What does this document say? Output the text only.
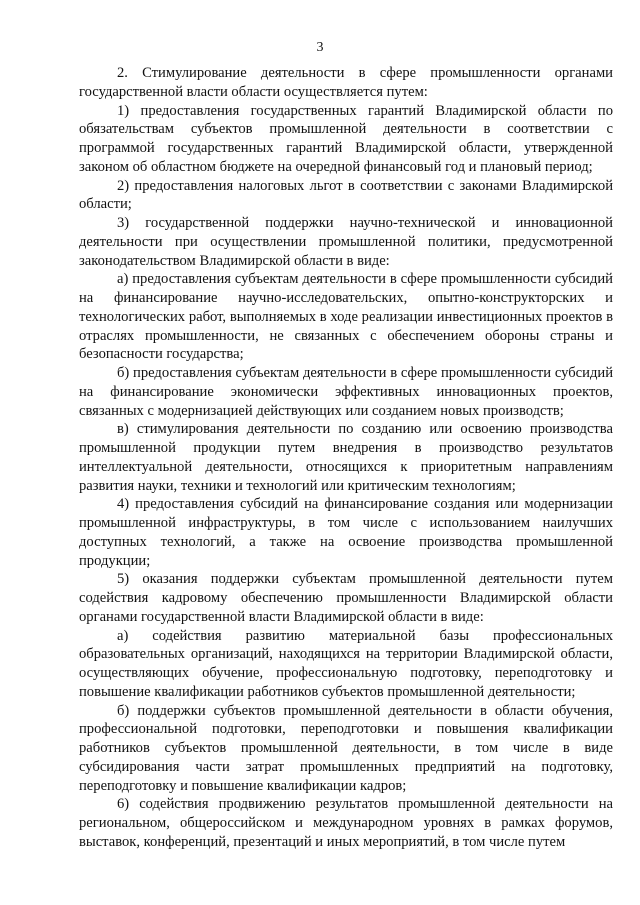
3

2. Стимулирование деятельности в сфере промышленности органами государственной власти области осуществляется путем:

1) предоставления государственных гарантий Владимирской области по обязательствам субъектов промышленной деятельности в соответствии с программой государственных гарантий Владимирской области, утвержденной законом об областном бюджете на очередной финансовый год и плановый период;

2) предоставления налоговых льгот в соответствии с законами Владимирской области;

3) государственной поддержки научно-технической и инновационной деятельности при осуществлении промышленной политики, предусмотренной законодательством Владимирской области в виде:

а) предоставления субъектам деятельности в сфере промышленности субсидий на финансирование научно-исследовательских, опытно-конструкторских и технологических работ, выполняемых в ходе реализации инвестиционных проектов в отраслях промышленности, не связанных с обеспечением обороны страны и безопасности государства;

б) предоставления субъектам деятельности в сфере промышленности субсидий на финансирование экономически эффективных инновационных проектов, связанных с модернизацией действующих или созданием новых производств;

в) стимулирования деятельности по созданию или освоению производства промышленной продукции путем внедрения в производство результатов интеллектуальной деятельности, относящихся к приоритетным направлениям развития науки, техники и технологий или критическим технологиям;

4) предоставления субсидий на финансирование создания или модернизации промышленной инфраструктуры, в том числе с использованием наилучших доступных технологий, а также на освоение производства промышленной продукции;

5) оказания поддержки субъектам промышленной деятельности путем содействия кадровому обеспечению промышленности Владимирской области органами государственной власти Владимирской области в виде:

а) содействия развитию материальной базы профессиональных образовательных организаций, находящихся на территории Владимирской области, осуществляющих обучение, профессиональную подготовку, переподготовку и повышение квалификации работников субъектов промышленной деятельности;

б) поддержки субъектов промышленной деятельности в области обучения, профессиональной подготовки, переподготовки и повышения квалификации работников субъектов промышленной деятельности, в том числе в виде субсидирования части затрат промышленных предприятий на подготовку, переподготовку и повышение квалификации кадров;

6) содействия продвижению результатов промышленной деятельности на региональном, общероссийском и международном уровнях в рамках форумов, выставок, конференций, презентаций и иных мероприятий, в том числе путем
